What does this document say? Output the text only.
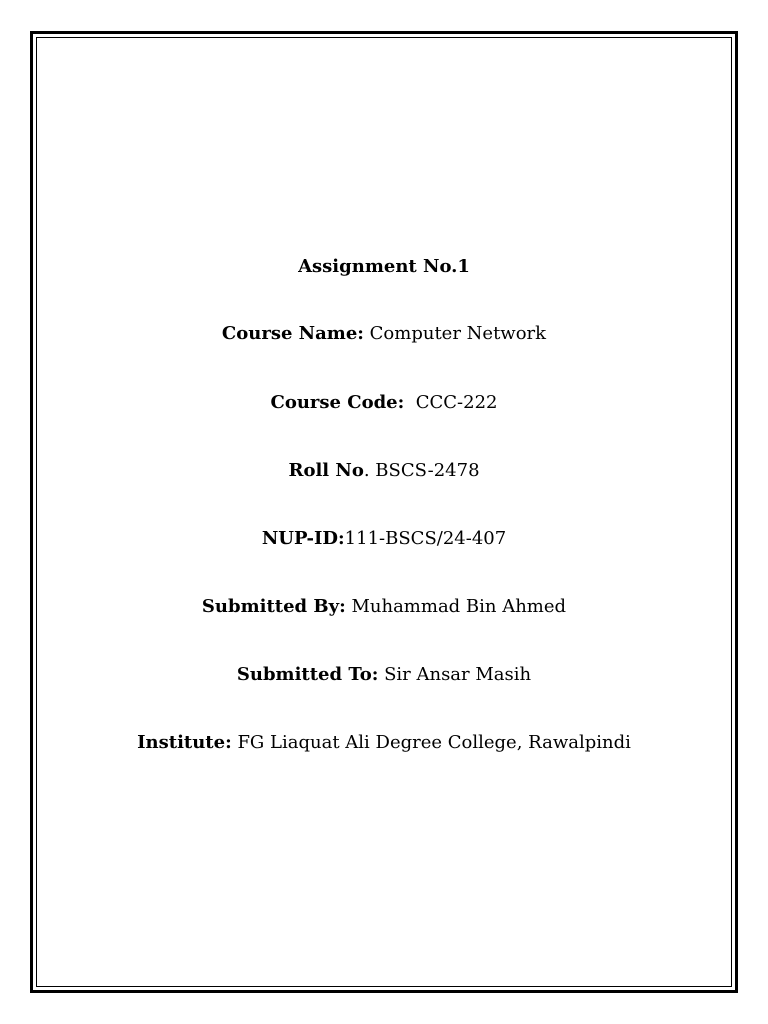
Assignment No.1
Course Name: Computer Network
Course Code:  CCC-222
Roll No. BSCS-2478
NUP-ID:111-BSCS/24-407
Submitted By: Muhammad Bin Ahmed
Submitted To: Sir Ansar Masih
Institute: FG Liaquat Ali Degree College, Rawalpindi
